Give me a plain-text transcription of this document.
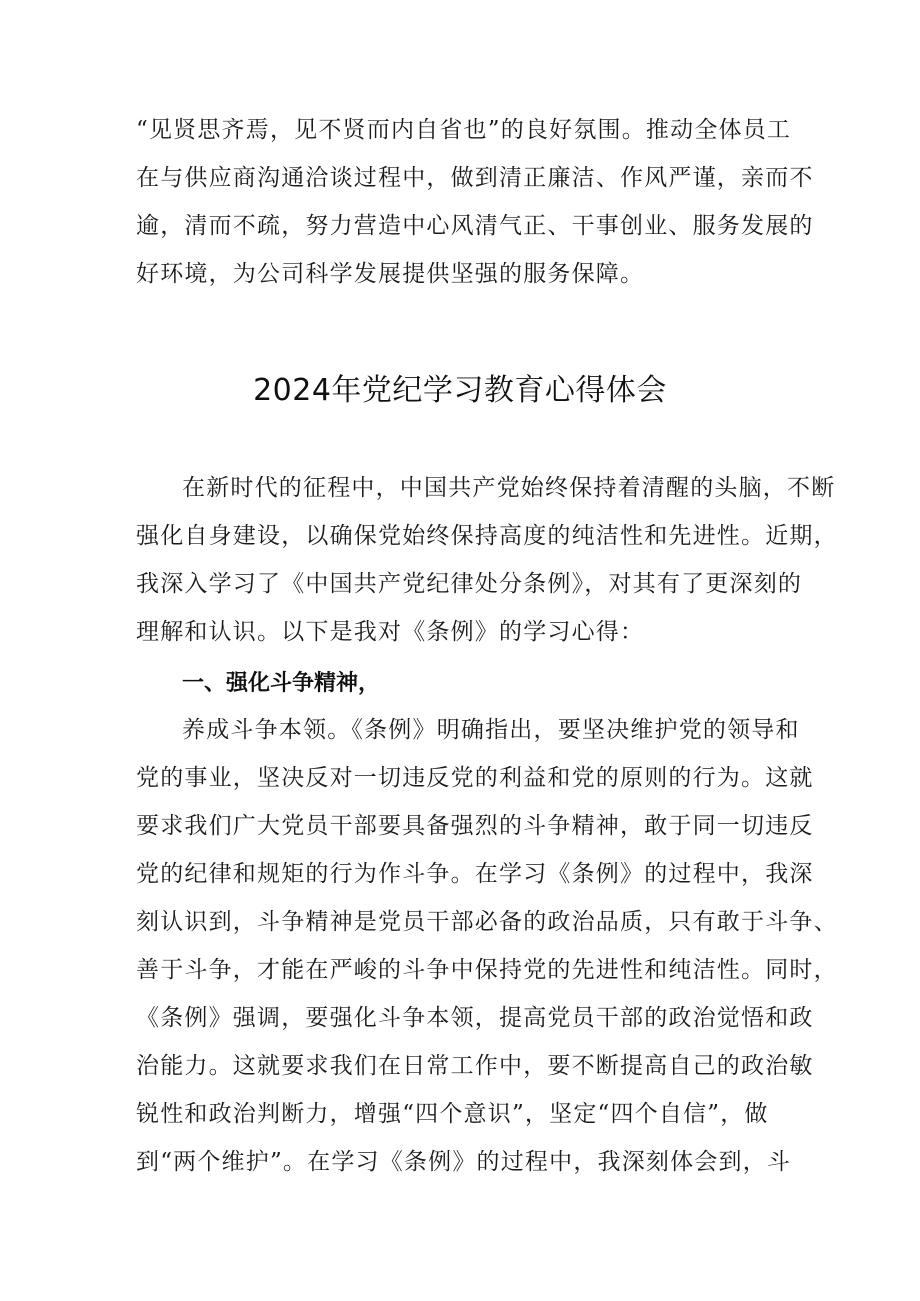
“见贤思齐焉，见不贤而内自省也”的良好氛围。推动全体员工
在与供应商沟通洽谈过程中，做到清正廉洁、作风严谨，亲而不
逾，清而不疏，努力营造中心风清气正、干事创业、服务发展的
好环境，为公司科学发展提供坚强的服务保障。
2024年党纪学习教育心得体会
在新时代的征程中，中国共产党始终保持着清醒的头脑，不断
强化自身建设，以确保党始终保持高度的纯洁性和先进性。近期，
我深入学习了《中国共产党纪律处分条例》，对其有了更深刻的
理解和认识。以下是我对《条例》的学习心得：
一、强化斗争精神，
养成斗争本领。《条例》明确指出，要坚决维护党的领导和
党的事业，坚决反对一切违反党的利益和党的原则的行为。这就
要求我们广大党员干部要具备强烈的斗争精神，敢于同一切违反
党的纪律和规矩的行为作斗争。在学习《条例》的过程中，我深
刻认识到，斗争精神是党员干部必备的政治品质，只有敢于斗争、
善于斗争，才能在严峻的斗争中保持党的先进性和纯洁性。同时，
《条例》强调，要强化斗争本领，提高党员干部的政治觉悟和政
治能力。这就要求我们在日常工作中，要不断提高自己的政治敏
锐性和政治判断力，增强“四个意识”，坚定“四个自信”，做
到“两个维护”。在学习《条例》的过程中，我深刻体会到，斗
